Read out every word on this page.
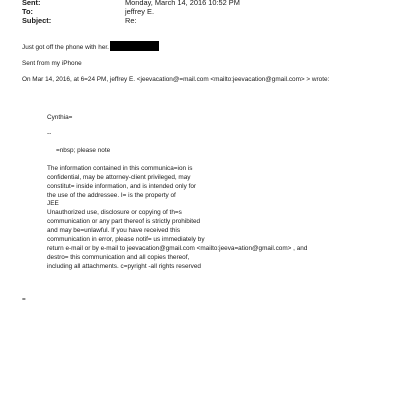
Sent:	Monday, March 14, 2016 10:52 PM
To:	jeffrey E.
Subject:	Re:
Just got off the phone with her.
Sent from my iPhone
On Mar 14, 2016, at 6=24 PM, jeffrey E. <jeevacation@=mail.com <mailto:jeevacation@gmail.com> > wrote:
Cynthia=
--
=nbsp; please note
The information contained in this communica=ion is
confidential, may be attorney-client privileged, may
constitut= inside information, and is intended only for
the use of the addressee. I= is the property of
JEE
Unauthorized use, disclosure or copying of th=s
communication or any part thereof is strictly prohibited
and may be=unlawful. If you have received this
communication in error, please notif= us immediately by
return e-mail or by e-mail to jeevacation@gmail.com <mailto:jeeva=ation@gmail.com> , and
destro= this communication and all copies thereof,
including all attachments. c=pyright -all rights reserved
=
